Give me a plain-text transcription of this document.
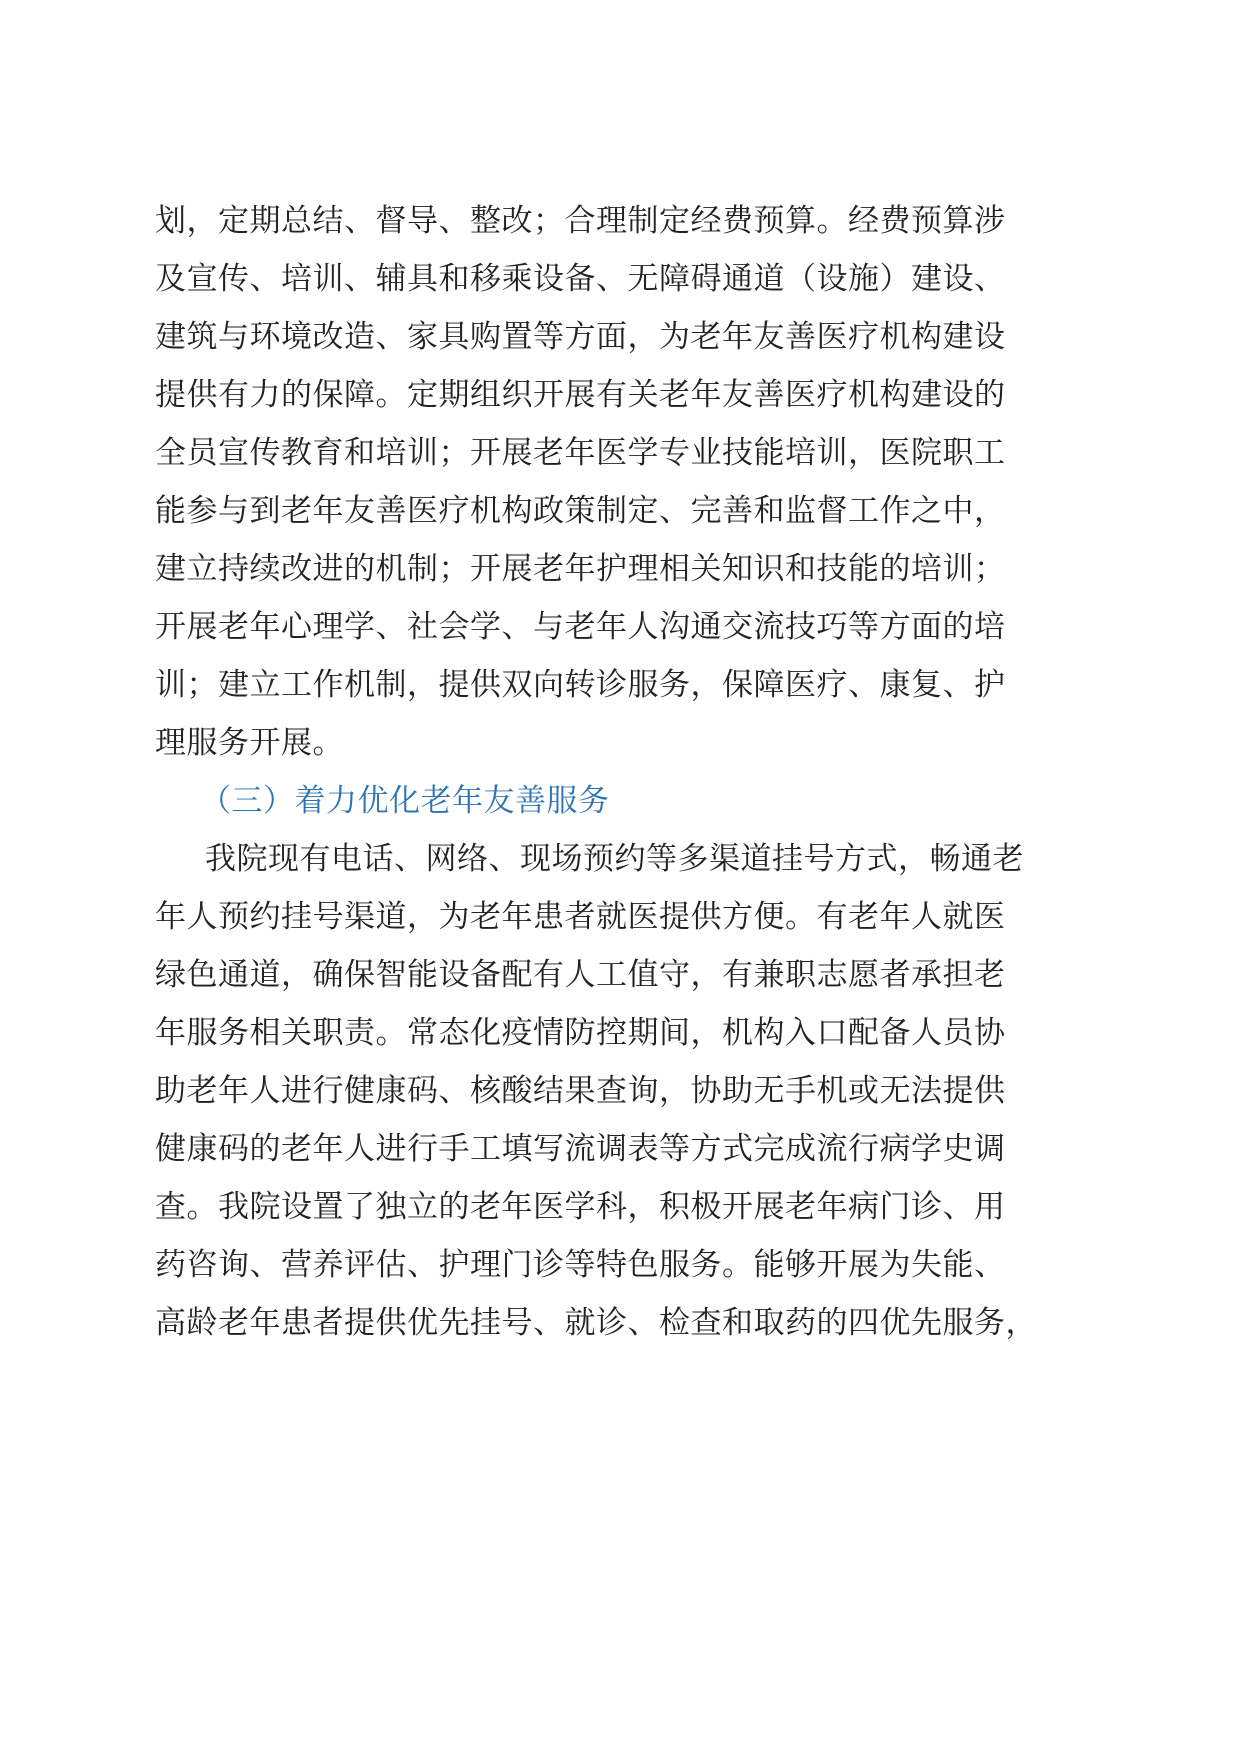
划，定期总结、督导、整改；合理制定经费预算。经费预算涉
及宣传、培训、辅具和移乘设备、无障碍通道（设施）建设、
建筑与环境改造、家具购置等方面，为老年友善医疗机构建设
提供有力的保障。定期组织开展有关老年友善医疗机构建设的
全员宣传教育和培训；开展老年医学专业技能培训，医院职工
能参与到老年友善医疗机构政策制定、完善和监督工作之中，
建立持续改进的机制；开展老年护理相关知识和技能的培训；
开展老年心理学、社会学、与老年人沟通交流技巧等方面的培
训；建立工作机制，提供双向转诊服务，保障医疗、康复、护
理服务开展。
（三）着力优化老年友善服务
我院现有电话、网络、现场预约等多渠道挂号方式，畅通老
年人预约挂号渠道，为老年患者就医提供方便。有老年人就医
绿色通道，确保智能设备配有人工值守，有兼职志愿者承担老
年服务相关职责。常态化疫情防控期间，机构入口配备人员协
助老年人进行健康码、核酸结果查询，协助无手机或无法提供
健康码的老年人进行手工填写流调表等方式完成流行病学史调
查。我院设置了独立的老年医学科，积极开展老年病门诊、用
药咨询、营养评估、护理门诊等特色服务。能够开展为失能、
高龄老年患者提供优先挂号、就诊、检查和取药的四优先服务，
